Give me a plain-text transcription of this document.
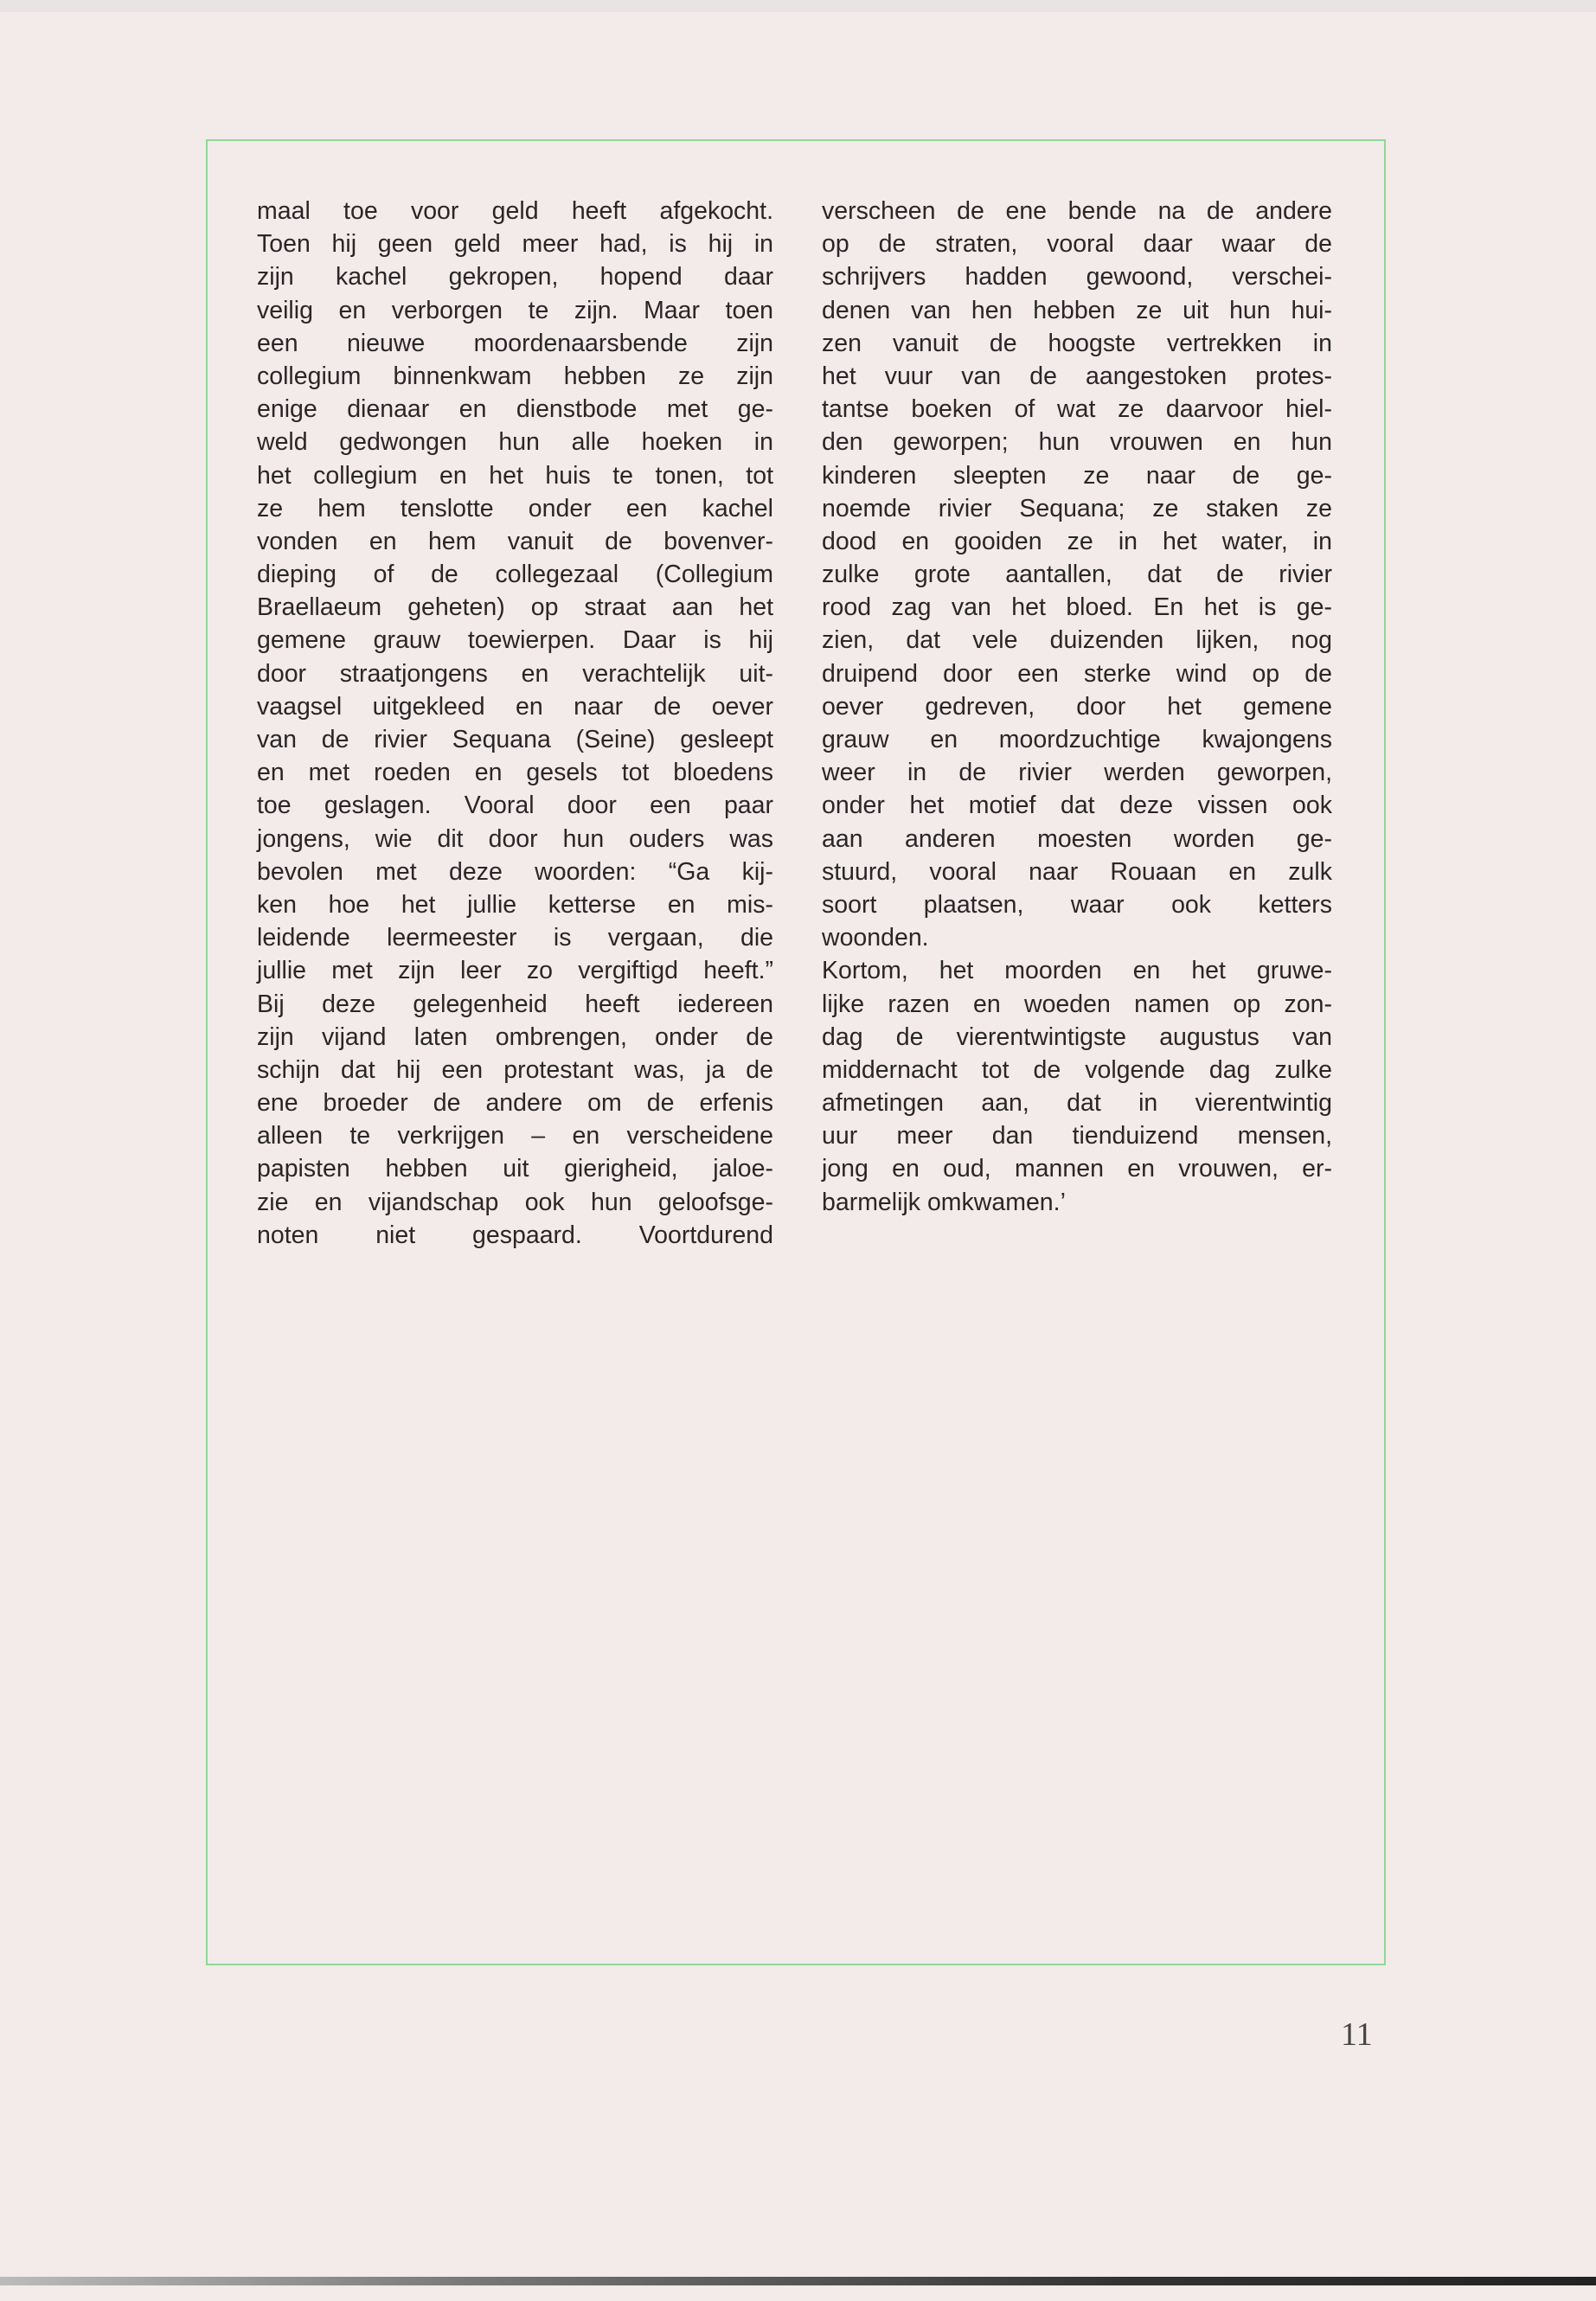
maal toe voor geld heeft afgekocht.
Toen hij geen geld meer had, is hij in
zijn kachel gekropen, hopend daar
veilig en verborgen te zijn. Maar toen
een nieuwe moordenaarsbende zijn
collegium binnenkwam hebben ze zijn
enige dienaar en dienstbode met ge-
weld gedwongen hun alle hoeken in
het collegium en het huis te tonen, tot
ze hem tenslotte onder een kachel
vonden en hem vanuit de bovenver-
dieping of de collegezaal (Collegium
Braellaeum geheten) op straat aan het
gemene grauw toewierpen. Daar is hij
door straatjongens en verachtelijk uit-
vaagsel uitgekleed en naar de oever
van de rivier Sequana (Seine) gesleept
en met roeden en gesels tot bloedens
toe geslagen. Vooral door een paar
jongens, wie dit door hun ouders was
bevolen met deze woorden: “Ga kij-
ken hoe het jullie ketterse en mis-
leidende leermeester is vergaan, die
jullie met zijn leer zo vergiftigd heeft.”
Bij deze gelegenheid heeft iedereen
zijn vijand laten ombrengen, onder de
schijn dat hij een protestant was, ja de
ene broeder de andere om de erfenis
alleen te verkrijgen – en verscheidene
papisten hebben uit gierigheid, jaloe-
zie en vijandschap ook hun geloofsge-
noten niet gespaard. Voortdurend
verscheen de ene bende na de andere
op de straten, vooral daar waar de
schrijvers hadden gewoond, verschei-
denen van hen hebben ze uit hun hui-
zen vanuit de hoogste vertrekken in
het vuur van de aangestoken protes-
tantse boeken of wat ze daarvoor hiel-
den geworpen; hun vrouwen en hun
kinderen sleepten ze naar de ge-
noemde rivier Sequana; ze staken ze
dood en gooiden ze in het water, in
zulke grote aantallen, dat de rivier
rood zag van het bloed. En het is ge-
zien, dat vele duizenden lijken, nog
druipend door een sterke wind op de
oever gedreven, door het gemene
grauw en moordzuchtige kwajongens
weer in de rivier werden geworpen,
onder het motief dat deze vissen ook
aan anderen moesten worden ge-
stuurd, vooral naar Rouaan en zulk
soort plaatsen, waar ook ketters
woonden.
Kortom, het moorden en het gruwe-
lijke razen en woeden namen op zon-
dag de vierentwintigste augustus van
middernacht tot de volgende dag zulke
afmetingen aan, dat in vierentwintig
uur meer dan tienduizend mensen,
jong en oud, mannen en vrouwen, er-
barmelijk omkwamen.’
11
